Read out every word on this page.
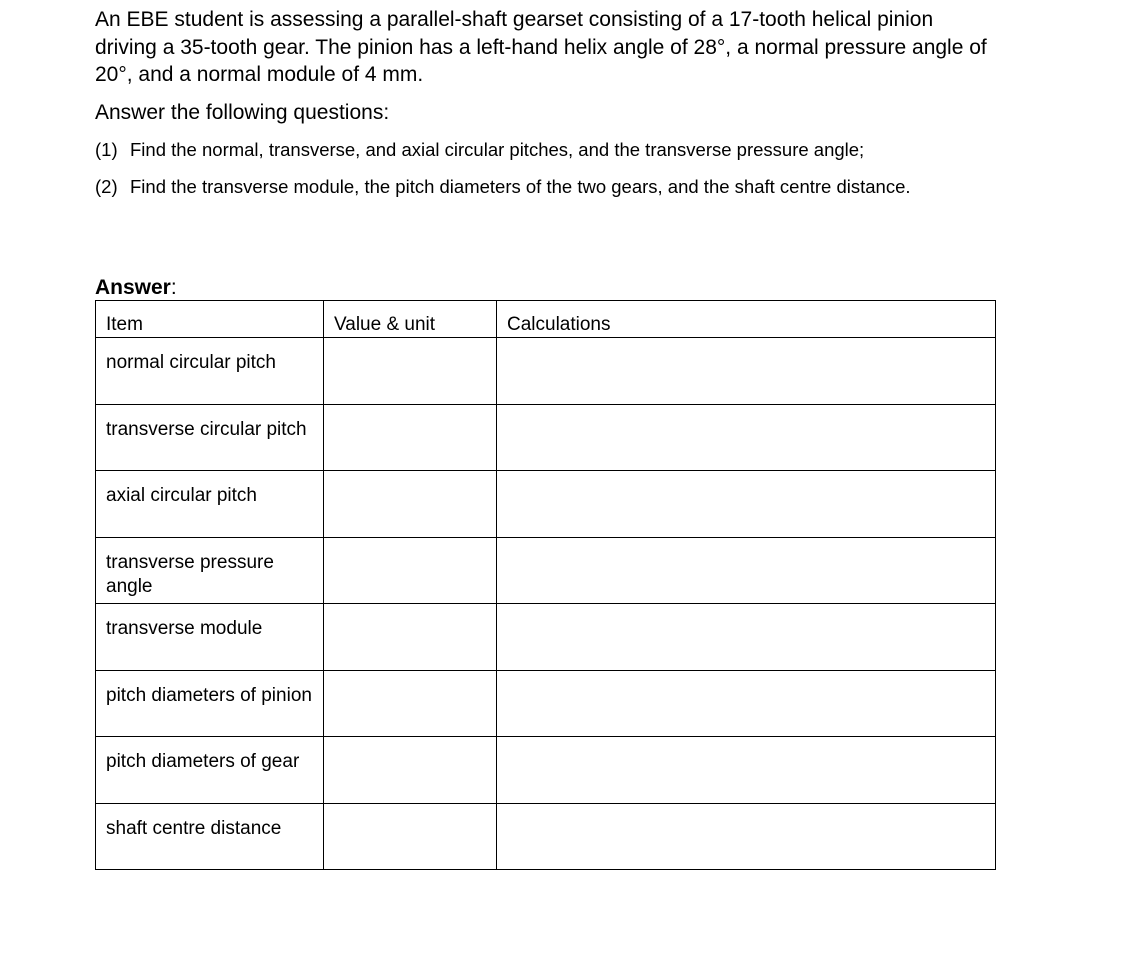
An EBE student is assessing a parallel-shaft gearset consisting of a 17-tooth helical pinion driving a 35-tooth gear. The pinion has a left-hand helix angle of 28°, a normal pressure angle of 20°, and a normal module of 4 mm.

Answer the following questions:

(1) Find the normal, transverse, and axial circular pitches, and the transverse pressure angle;
(2) Find the transverse module, the pitch diameters of the two gears, and the shaft centre distance.

Answer:

Item	Value & unit	Calculations
normal circular pitch		
transverse circular pitch		
axial circular pitch		
transverse pressure angle		
transverse module		
pitch diameters of pinion		
pitch diameters of gear		
shaft centre distance		
